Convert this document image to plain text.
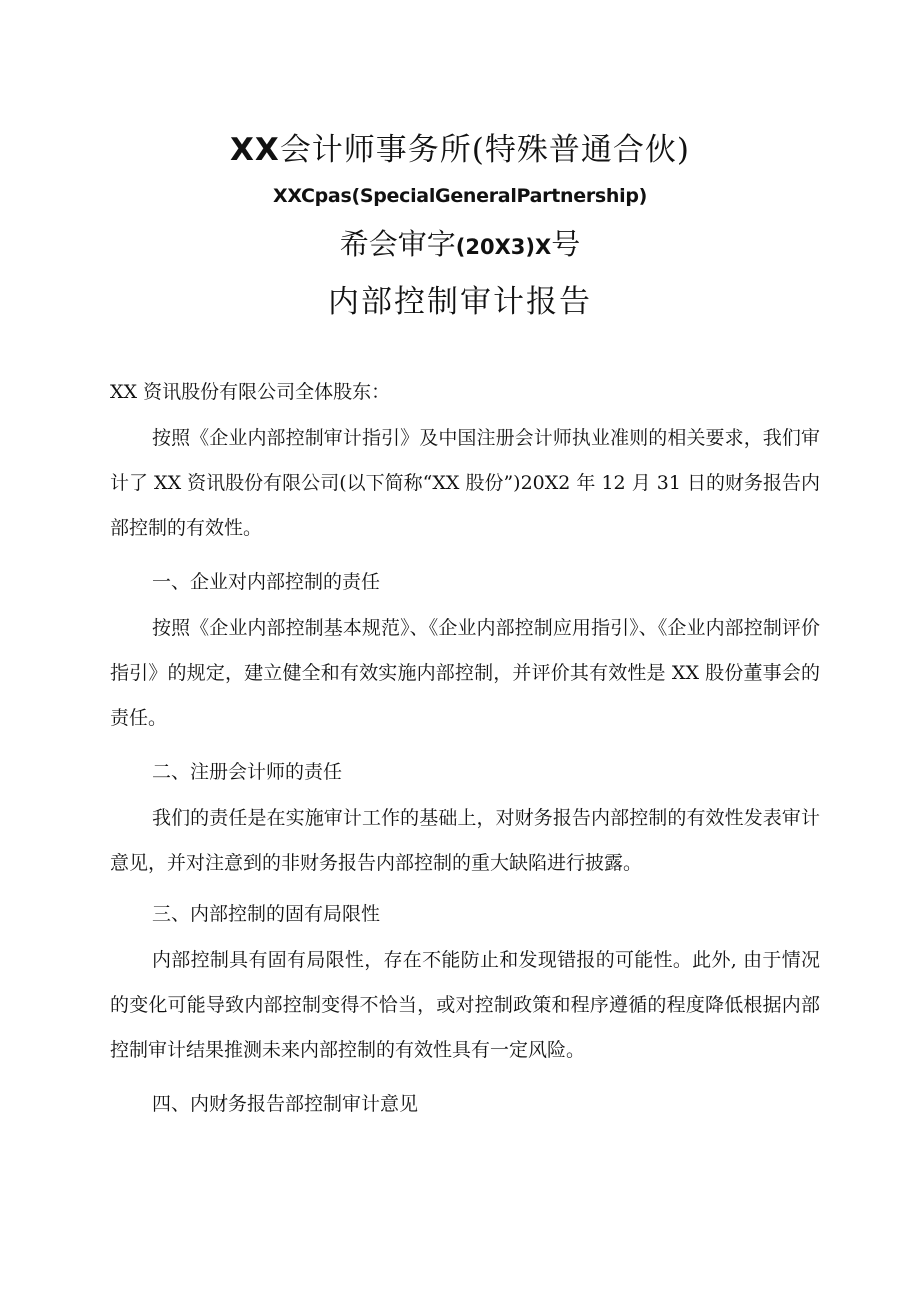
XX会计师事务所(特殊普通合伙)
XXCpas(SpecialGeneralPartnership)
希会审字(20X3)X号
内部控制审计报告

XX 资讯股份有限公司全体股东：

按照《企业内部控制审计指引》及中国注册会计师执业准则的相关要求，我们审计了 XX 资讯股份有限公司(以下简称“XX 股份”)20X2 年 12 月 31 日的财务报告内部控制的有效性。

一、企业对内部控制的责任

按照《企业内部控制基本规范》、《企业内部控制应用指引》、《企业内部控制评价指引》的规定，建立健全和有效实施内部控制，并评价其有效性是 XX 股份董事会的责任。

二、注册会计师的责任

我们的责任是在实施审计工作的基础上，对财务报告内部控制的有效性发表审计意见，并对注意到的非财务报告内部控制的重大缺陷进行披露。

三、内部控制的固有局限性

内部控制具有固有局限性，存在不能防止和发现错报的可能性。此外, 由于情况的变化可能导致内部控制变得不恰当，或对控制政策和程序遵循的程度降低根据内部控制审计结果推测未来内部控制的有效性具有一定风险。

四、内财务报告部控制审计意见
